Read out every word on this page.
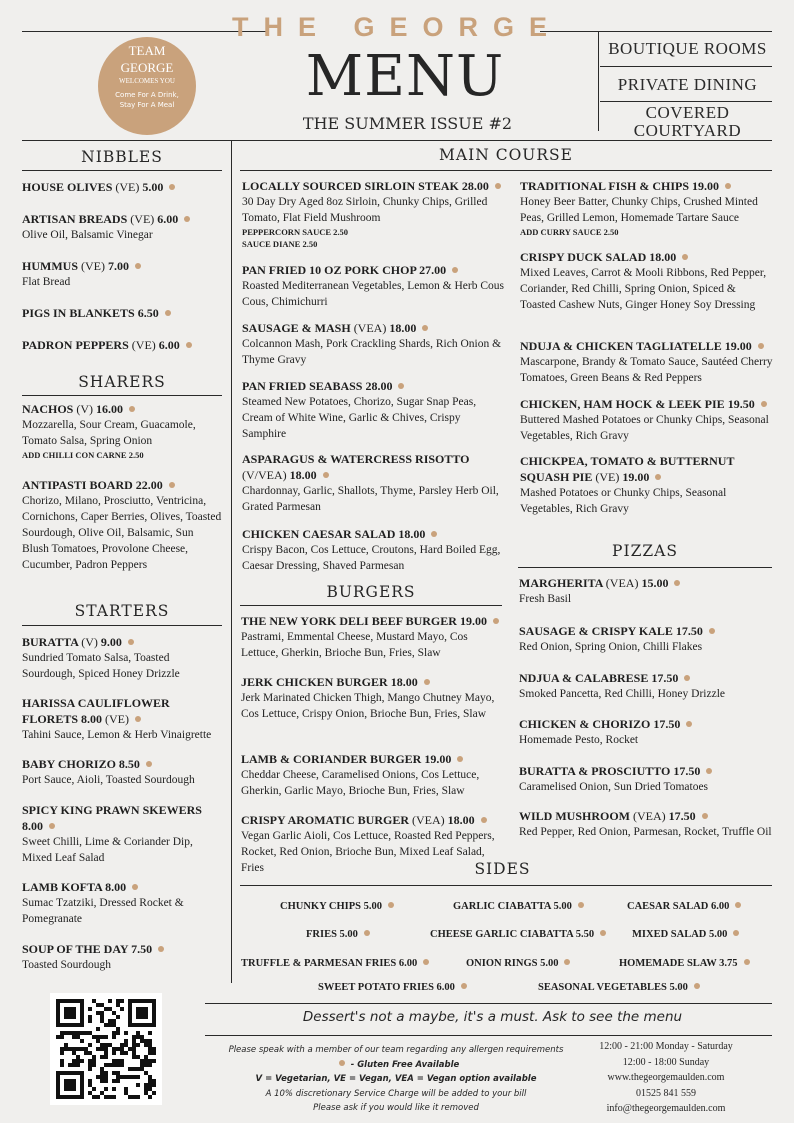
THE GEORGE
MENU
THE SUMMER ISSUE #2
TEAM
GEORGE
WELCOMES YOU
Come For A Drink,
Stay For A Meal
BOUTIQUE ROOMS
PRIVATE DINING
COVERED
COURTYARD
NIBBLES
SHARERS
STARTERS
MAIN COURSE
BURGERS
PIZZAS
SIDES
HOUSE OLIVES (VE) 5.00
ARTISAN BREADS (VE) 6.00
Olive Oil, Balsamic Vinegar
HUMMUS (VE) 7.00
Flat Bread
PIGS IN BLANKETS 6.50
PADRON PEPPERS (VE) 6.00
NACHOS (V) 16.00
Mozzarella, Sour Cream, Guacamole, Tomato Salsa, Spring Onion
ADD CHILLI CON CARNE 2.50
ANTIPASTI BOARD 22.00
Chorizo, Milano, Prosciutto, Ventricina, Cornichons, Caper Berries, Olives, Toasted Sourdough, Olive Oil, Balsamic, Sun Blush Tomatoes, Provolone Cheese, Cucumber, Padron Peppers
BURATTA (V) 9.00
Sundried Tomato Salsa, Toasted Sourdough, Spiced Honey Drizzle
HARISSA CAULIFLOWER FLORETS 8.00 (VE)
Tahini Sauce, Lemon & Herb Vinaigrette
BABY CHORIZO 8.50
Port Sauce, Aioli, Toasted Sourdough
SPICY KING PRAWN SKEWERS 8.00
Sweet Chilli, Lime & Coriander Dip, Mixed Leaf Salad
LAMB KOFTA 8.00
Sumac Tzatziki, Dressed Rocket & Pomegranate
SOUP OF THE DAY 7.50
Toasted Sourdough
LOCALLY SOURCED SIRLOIN STEAK 28.00
30 Day Dry Aged 8oz Sirloin, Chunky Chips, Grilled Tomato, Flat Field Mushroom
PEPPERCORN SAUCE 2.50
SAUCE DIANE 2.50
PAN FRIED 10 OZ PORK CHOP 27.00
Roasted Mediterranean Vegetables, Lemon & Herb Cous Cous, Chimichurri
SAUSAGE & MASH (VEA) 18.00
Colcannon Mash, Pork Crackling Shards, Rich Onion & Thyme Gravy
PAN FRIED SEABASS 28.00
Steamed New Potatoes, Chorizo, Sugar Snap Peas, Cream of White Wine, Garlic & Chives, Crispy Samphire
ASPARAGUS & WATERCRESS RISOTTO (V/VEA) 18.00
Chardonnay, Garlic, Shallots, Thyme, Parsley Herb Oil, Grated Parmesan
CHICKEN CAESAR SALAD 18.00
Crispy Bacon, Cos Lettuce, Croutons, Hard Boiled Egg, Caesar Dressing, Shaved Parmesan
TRADITIONAL FISH & CHIPS 19.00
Honey Beer Batter, Chunky Chips, Crushed Minted Peas, Grilled Lemon, Homemade Tartare Sauce
ADD CURRY SAUCE 2.50
CRISPY DUCK SALAD 18.00
Mixed Leaves, Carrot & Mooli Ribbons, Red Pepper, Coriander, Red Chilli, Spring Onion, Spiced & Toasted Cashew Nuts, Ginger Honey Soy Dressing
NDUJA & CHICKEN TAGLIATELLE 19.00
Mascarpone, Brandy & Tomato Sauce, Sautéed Cherry Tomatoes, Green Beans & Red Peppers
CHICKEN, HAM HOCK & LEEK PIE 19.50
Buttered Mashed Potatoes or Chunky Chips, Seasonal Vegetables, Rich Gravy
CHICKPEA, TOMATO & BUTTERNUT SQUASH PIE (VE) 19.00
Mashed Potatoes or Chunky Chips, Seasonal Vegetables, Rich Gravy
THE NEW YORK DELI BEEF BURGER 19.00
Pastrami, Emmental Cheese, Mustard Mayo, Cos Lettuce, Gherkin, Brioche Bun, Fries, Slaw
JERK CHICKEN BURGER 18.00
Jerk Marinated Chicken Thigh, Mango Chutney Mayo, Cos Lettuce, Crispy Onion, Brioche Bun, Fries, Slaw
LAMB & CORIANDER BURGER 19.00
Cheddar Cheese, Caramelised Onions, Cos Lettuce, Gherkin, Garlic Mayo, Brioche Bun, Fries, Slaw
CRISPY AROMATIC BURGER (VEA) 18.00
Vegan Garlic Aioli, Cos Lettuce, Roasted Red Peppers, Rocket, Red Onion, Brioche Bun, Mixed Leaf Salad, Fries
MARGHERITA (VEA) 15.00
Fresh Basil
SAUSAGE & CRISPY KALE 17.50
Red Onion, Spring Onion, Chilli Flakes
NDJUA & CALABRESE 17.50
Smoked Pancetta, Red Chilli, Honey Drizzle
CHICKEN & CHORIZO 17.50
Homemade Pesto, Rocket
BURATTA & PROSCIUTTO 17.50
Caramelised Onion, Sun Dried Tomatoes
WILD MUSHROOM (VEA) 17.50
Red Pepper, Red Onion, Parmesan, Rocket, Truffle Oil
CHUNKY CHIPS 5.00	GARLIC CIABATTA 5.00	CAESAR SALAD 6.00
FRIES 5.00	CHEESE GARLIC CIABATTA 5.50	MIXED SALAD 5.00
TRUFFLE & PARMESAN FRIES 6.00	ONION RINGS 5.00	HOMEMADE SLAW 3.75
SWEET POTATO FRIES 6.00	SEASONAL VEGETABLES 5.00
Dessert's not a maybe, it's a must. Ask to see the menu
Please speak with a member of our team regarding any allergen requirements
- Gluten Free Available
V = Vegetarian, VE = Vegan, VEA = Vegan option available
A 10% discretionary Service Charge will be added to your bill
Please ask if you would like it removed
12:00 - 21:00 Monday - Saturday
12:00 - 18:00 Sunday
www.thegeorgemaulden.com
01525 841 559
info@thegeorgemaulden.com
